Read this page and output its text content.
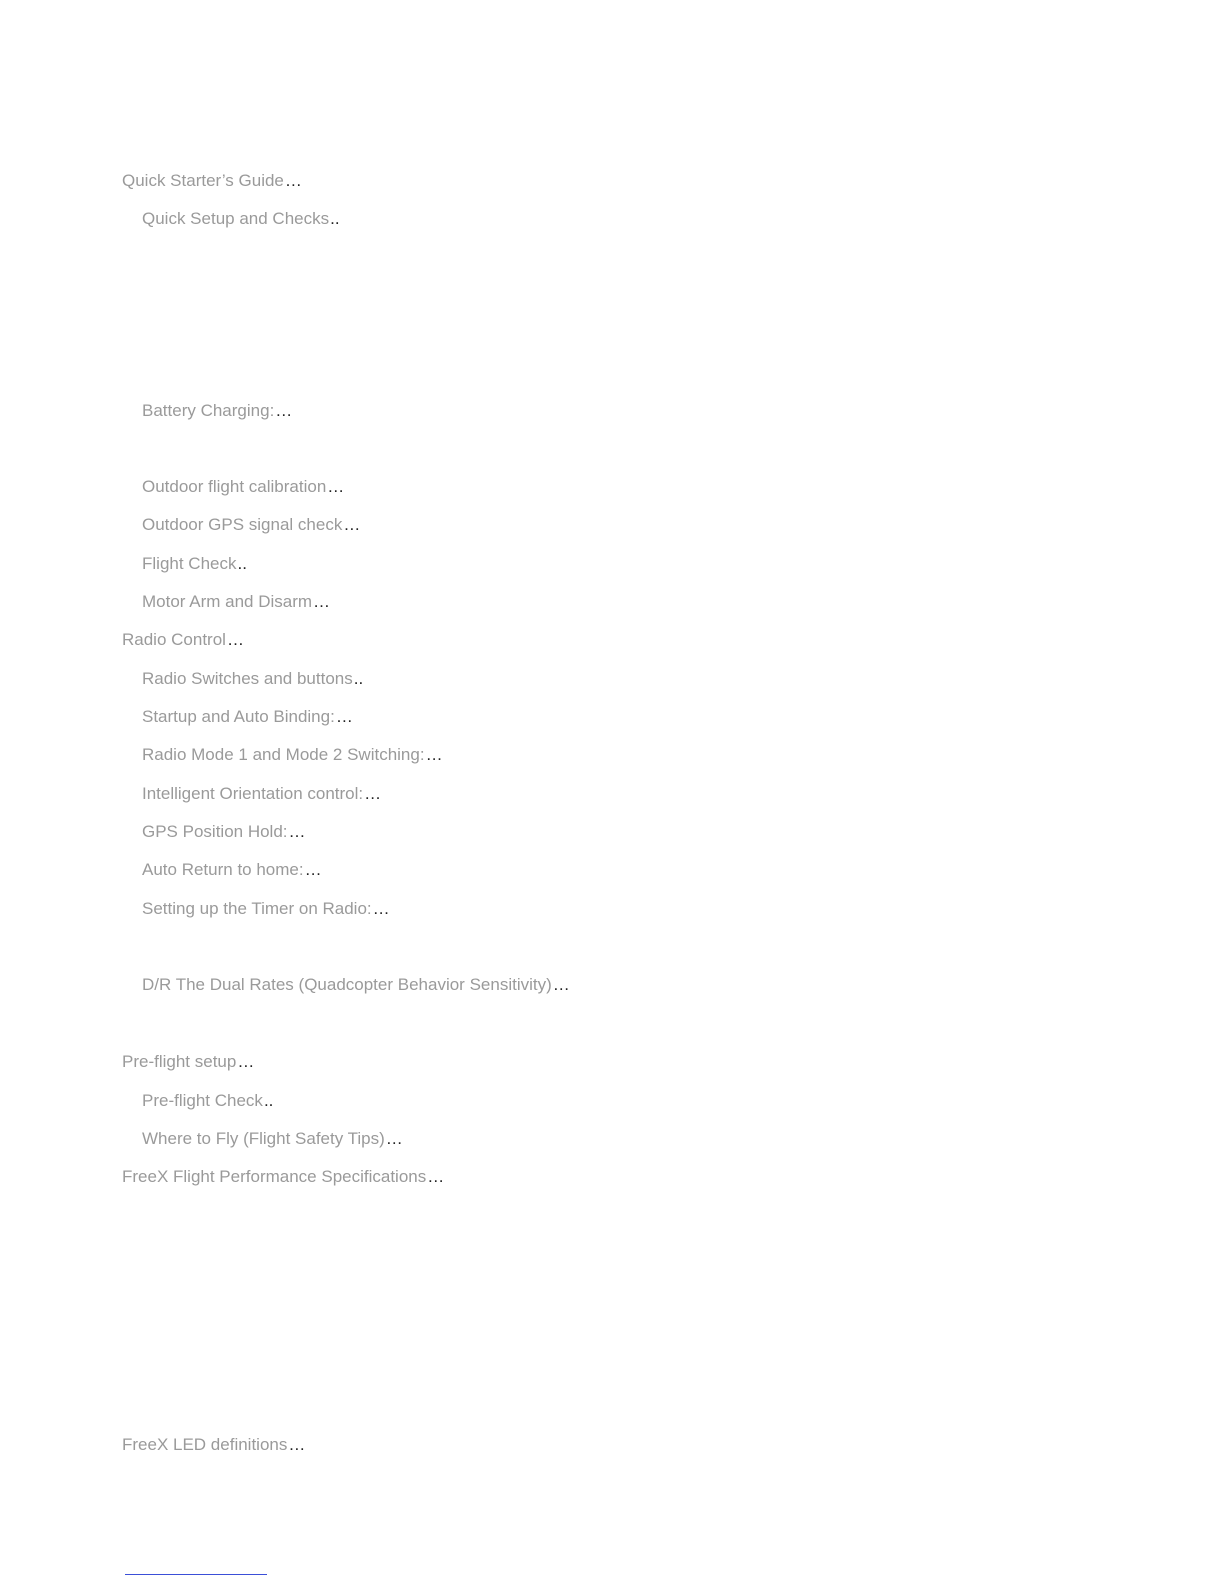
Quick Starter’s Guide…
Quick Setup and Checks..
Battery Charging:…
Outdoor flight calibration…
Outdoor GPS signal check…
Flight Check..
Motor Arm and Disarm…
Radio Control…
Radio Switches and buttons..
Startup and Auto Binding:…
Radio Mode 1 and Mode 2 Switching:…
Intelligent Orientation control:…
GPS Position Hold:…
Auto Return to home:…
Setting up the Timer on Radio:…
D/R The Dual Rates (Quadcopter Behavior Sensitivity)…
Pre-flight setup…
Pre-flight Check..
Where to Fly (Flight Safety Tips)…
FreeX Flight Performance Specifications…
FreeX LED definitions…
